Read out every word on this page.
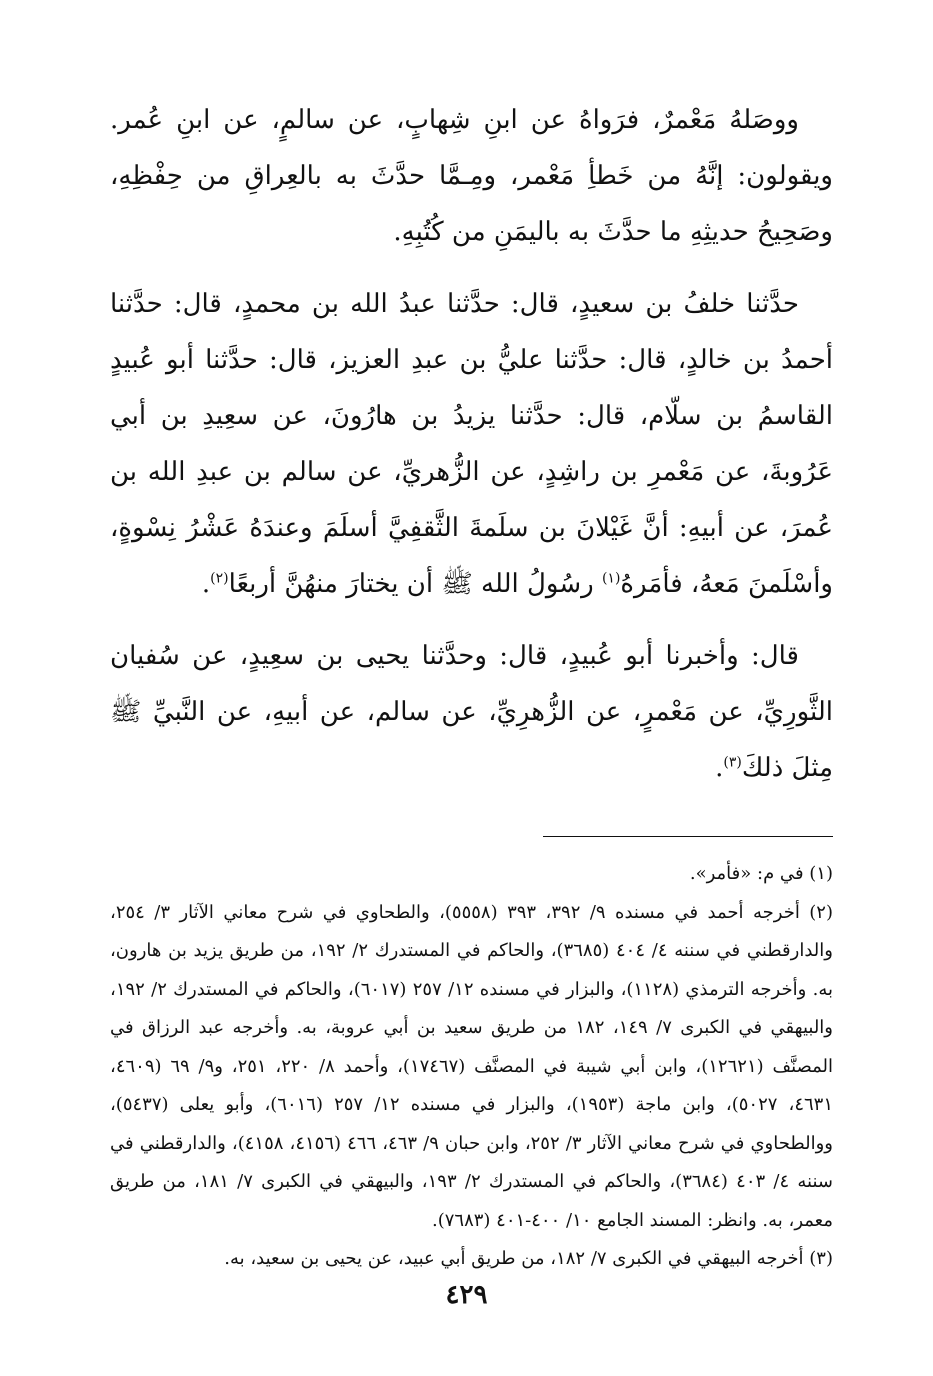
ووصَلهُ مَعْمرٌ، فرَواهُ عن ابنِ شِهابٍ، عن سالمٍ، عن ابنِ عُمر. ويقولون: إنَّهُ من خَطأِ مَعْمر، ومِـمَّا حدَّثَ به بالعِراقِ من حِفْظِهِ، وصَحِيحُ حديثِهِ ما حدَّثَ به باليمَنِ من كُتُبِهِ.

حدَّثنا خلفُ بن سعيدٍ، قال: حدَّثنا عبدُ الله بن محمدٍ، قال: حدَّثنا أحمدُ بن خالدٍ، قال: حدَّثنا عليُّ بن عبدِ العزيز، قال: حدَّثنا أبو عُبيدٍ القاسمُ بن سلّام، قال: حدَّثنا يزيدُ بن هارُونَ، عن سعِيدِ بن أبي عَرُوبةَ، عن مَعْمرِ بن راشِدٍ، عن الزُّهريِّ، عن سالم بن عبدِ الله بن عُمرَ، عن أبيهِ: أنَّ غَيْلانَ بن سلَمةَ الثَّقفِيَّ أسلَمَ وعندَهُ عَشْرُ نِسْوةٍ، وأسْلَمنَ مَعهُ، فأمَرهُ$^{(١)}$ رسُولُ الله ﷺ أن يختارَ منهُنَّ أربعًا$^{(٢)}$.

قال: وأخبرنا أبو عُبيدٍ، قال: وحدَّثنا يحيى بن سعِيدٍ، عن سُفيان الثَّورِيِّ، عن مَعْمرٍ، عن الزُّهرِيِّ، عن سالم، عن أبيهِ، عن النَّبيِّ ﷺ مِثلَ ذلكَ$^{(٣)}$.

(١) في م: «فأمر».

(٢) أخرجه أحمد في مسنده ٩/ ٣٩٢، ٣٩٣ (٥٥٥٨)، والطحاوي في شرح معاني الآثار ٣/ ٢٥٤، والدارقطني في سننه ٤/ ٤٠٤ (٣٦٨٥)، والحاكم في المستدرك ٢/ ١٩٢، من طريق يزيد بن هارون، به. وأخرجه الترمذي (١١٢٨)، والبزار في مسنده ١٢/ ٢٥٧ (٦٠١٧)، والحاكم في المستدرك ٢/ ١٩٢، والبيهقي في الكبرى ٧/ ١٤٩، ١٨٢ من طريق سعيد بن أبي عروبة، به. وأخرجه عبد الرزاق في المصنَّف (١٢٦٢١)، وابن أبي شيبة في المصنَّف (١٧٤٦٧)، وأحمد ٨/ ٢٢٠، ٢٥١، و٩/ ٦٩ (٤٦٠٩، ٤٦٣١، ٥٠٢٧)، وابن ماجة (١٩٥٣)، والبزار في مسنده ١٢/ ٢٥٧ (٦٠١٦)، وأبو يعلى (٥٤٣٧)، ووالطحاوي في شرح معاني الآثار ٣/ ٢٥٢، وابن حبان ٩/ ٤٦٣، ٤٦٦ (٤١٥٦، ٤١٥٨)، والدارقطني في سننه ٤/ ٤٠٣ (٣٦٨٤)، والحاكم في المستدرك ٢/ ١٩٣، والبيهقي في الكبرى ٧/ ١٨١، من طريق معمر، به. وانظر: المسند الجامع ١٠/ ٤٠٠-٤٠١ (٧٦٨٣).

(٣) أخرجه البيهقي في الكبرى ٧/ ١٨٢، من طريق أبي عبيد، عن يحيى بن سعيد، به.

٤٢٩
